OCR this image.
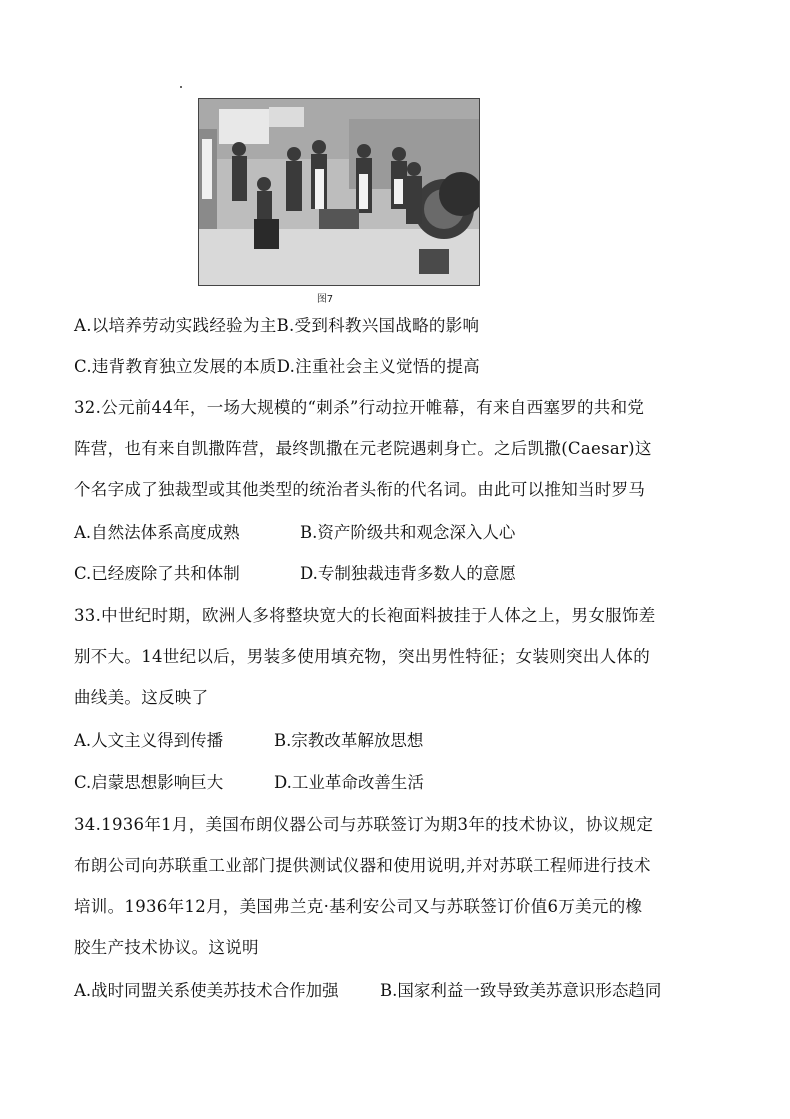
图7
A.以培养劳动实践经验为主B.受到科教兴国战略的影响
C.违背教育独立发展的本质D.注重社会主义觉悟的提高
32.公元前44年，一场大规模的“刺杀”行动拉开帷幕，有来自西塞罗的共和党
阵营，也有来自凯撒阵营，最终凯撒在元老院遇刺身亡。之后凯撒(Caesar)这
个名字成了独裁型或其他类型的统治者头衔的代名词。由此可以推知当时罗马
A.自然法体系高度成熟	B.资产阶级共和观念深入人心
C.已经废除了共和体制	D.专制独裁违背多数人的意愿
33.中世纪时期，欧洲人多将整块宽大的长袍面料披挂于人体之上，男女服饰差
别不大。14世纪以后，男装多使用填充物，突出男性特征；女装则突出人体的
曲线美。这反映了
A.人文主义得到传播	B.宗教改革解放思想
C.启蒙思想影响巨大	D.工业革命改善生活
34.1936年1月，美国布朗仪器公司与苏联签订为期3年的技术协议，协议规定
布朗公司向苏联重工业部门提供测试仪器和使用说明,并对苏联工程师进行技术
培训。1936年12月，美国弗兰克·基利安公司又与苏联签订价值6万美元的橡
胶生产技术协议。这说明
A.战时同盟关系使美苏技术合作加强	B.国家利益一致导致美苏意识形态趋同
